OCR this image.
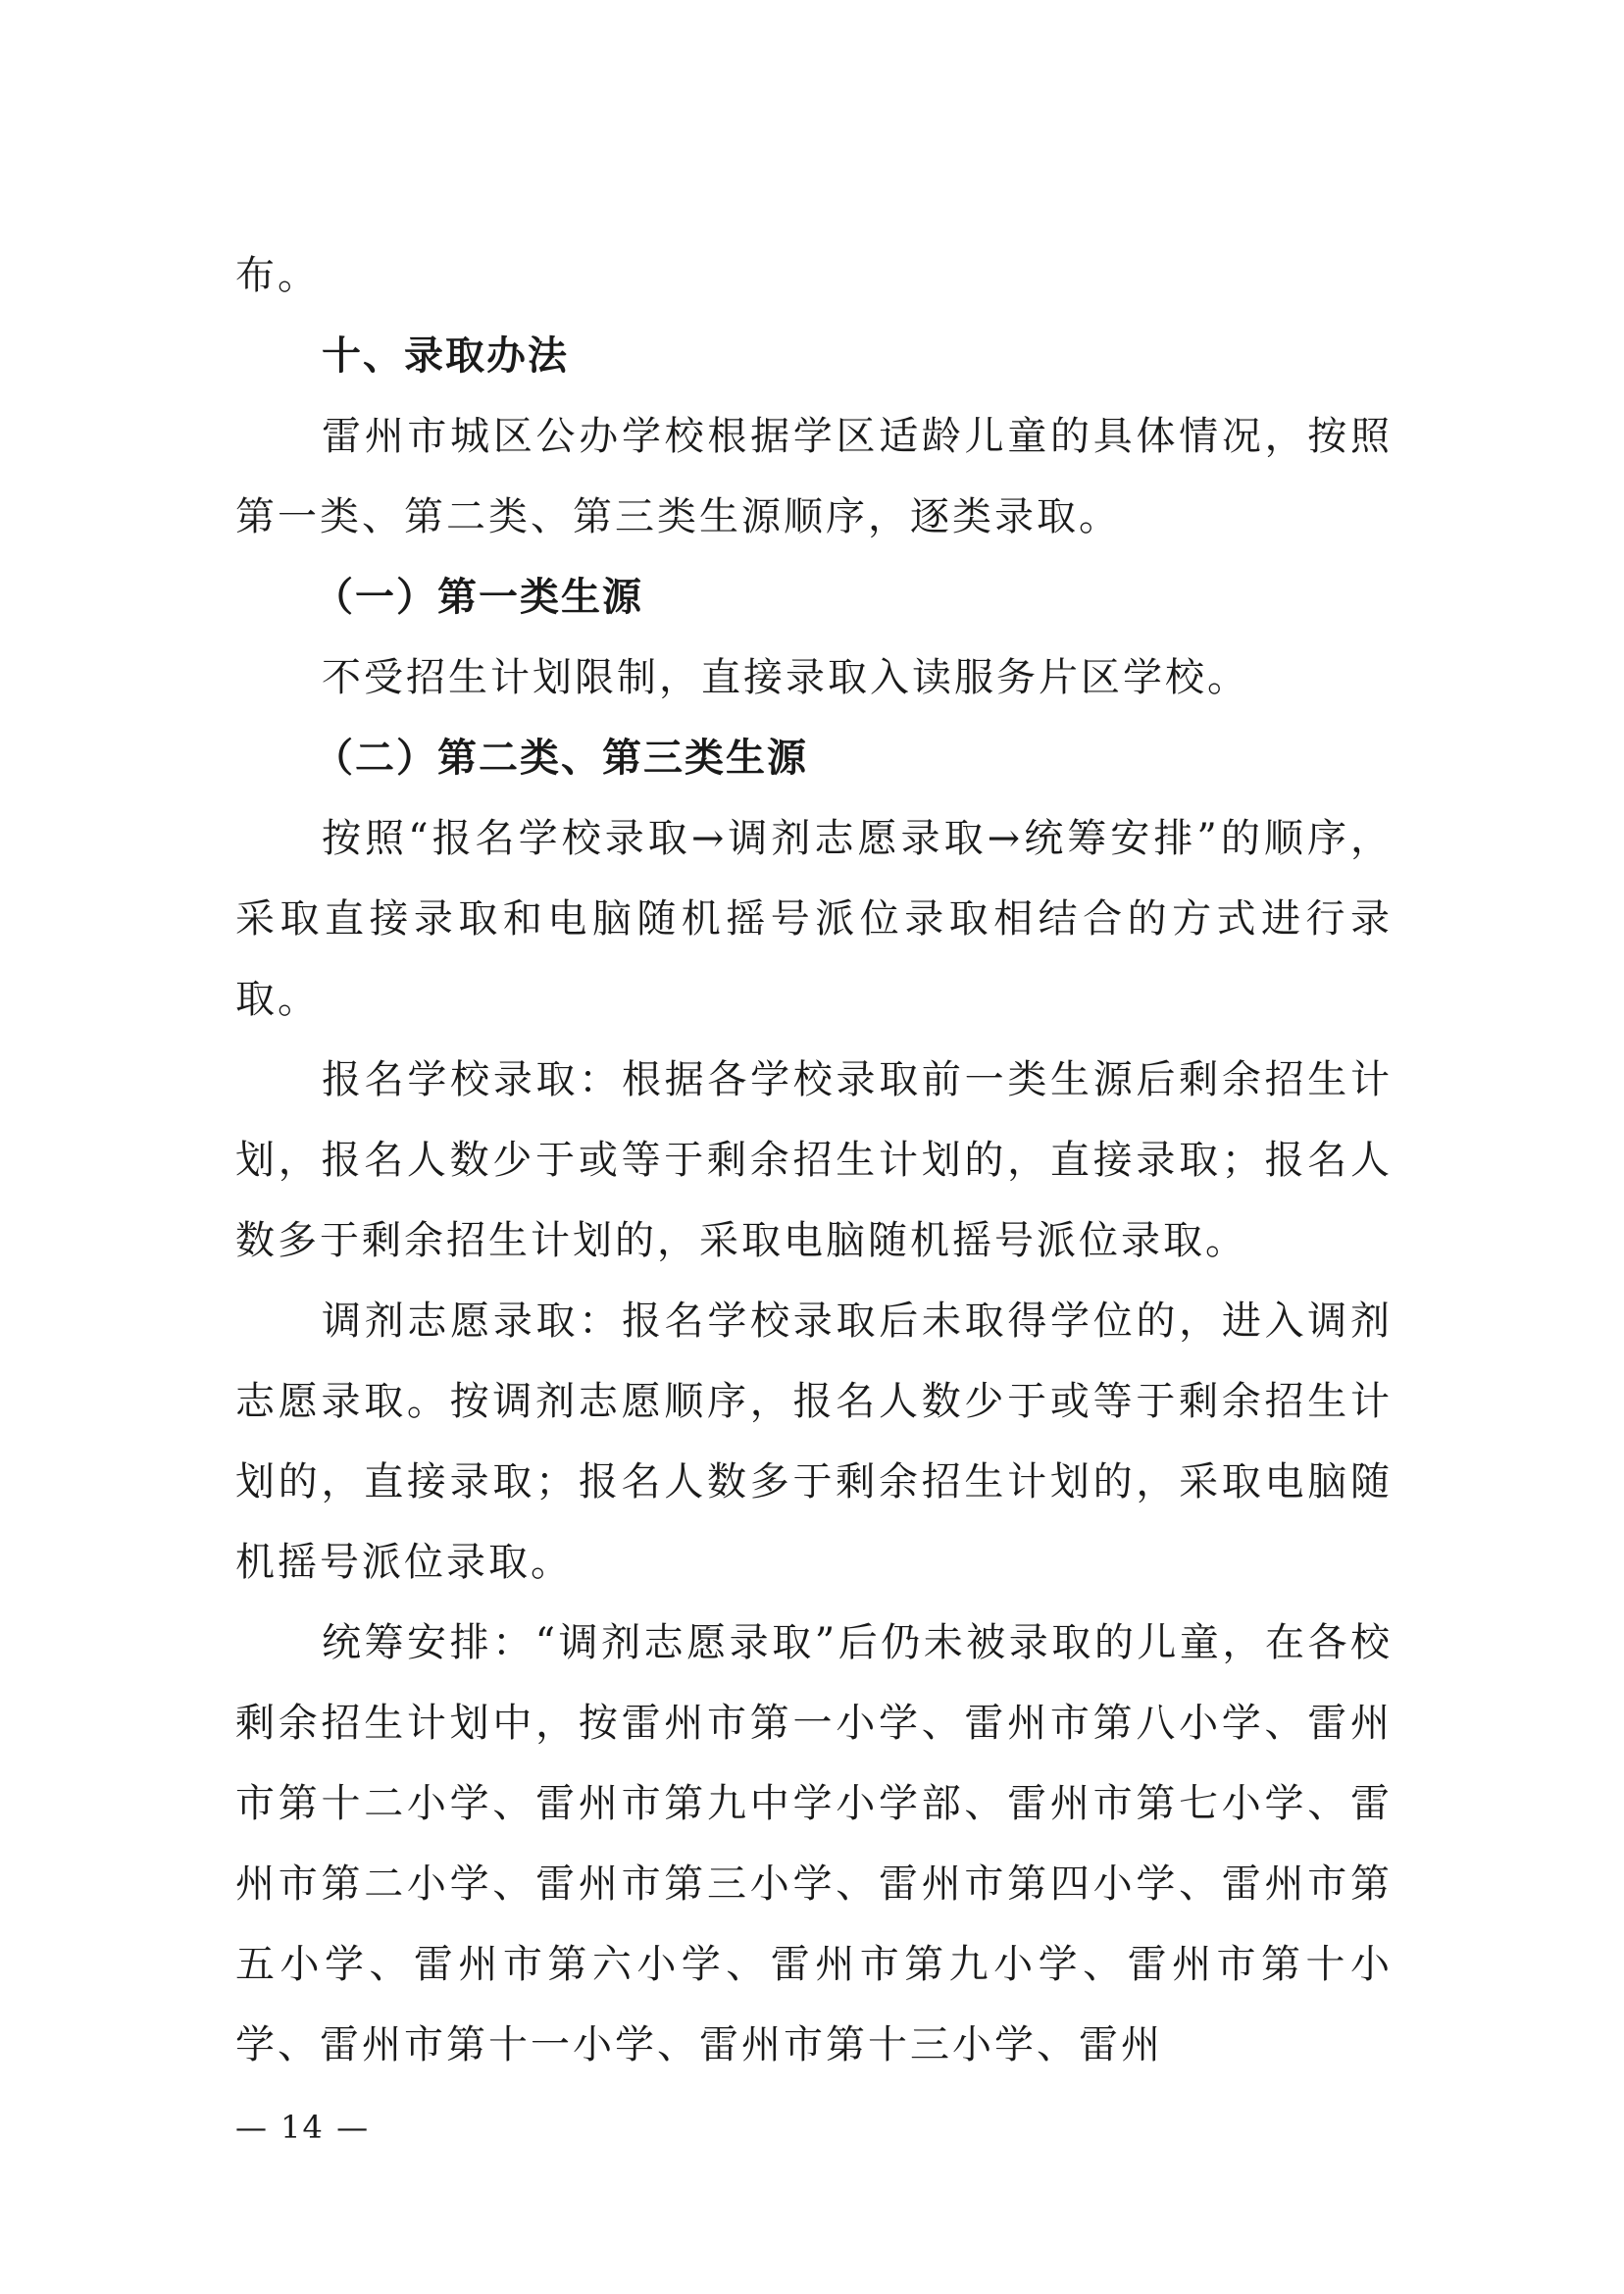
布。

十、录取办法

雷州市城区公办学校根据学区适龄儿童的具体情况，按照第一类、第二类、第三类生源顺序，逐类录取。

（一）第一类生源

不受招生计划限制，直接录取入读服务片区学校。

（二）第二类、第三类生源

按照“报名学校录取→调剂志愿录取→统筹安排”的顺序，采取直接录取和电脑随机摇号派位录取相结合的方式进行录取。

报名学校录取：根据各学校录取前一类生源后剩余招生计划，报名人数少于或等于剩余招生计划的，直接录取；报名人数多于剩余招生计划的，采取电脑随机摇号派位录取。

调剂志愿录取：报名学校录取后未取得学位的，进入调剂志愿录取。按调剂志愿顺序，报名人数少于或等于剩余招生计划的，直接录取；报名人数多于剩余招生计划的，采取电脑随机摇号派位录取。

统筹安排：“调剂志愿录取”后仍未被录取的儿童，在各校剩余招生计划中，按雷州市第一小学、雷州市第八小学、雷州市第十二小学、雷州市第九中学小学部、雷州市第七小学、雷州市第二小学、雷州市第三小学、雷州市第四小学、雷州市第五小学、雷州市第六小学、雷州市第九小学、雷州市第十小学、雷州市第十一小学、雷州市第十三小学、雷州

— 14 —
